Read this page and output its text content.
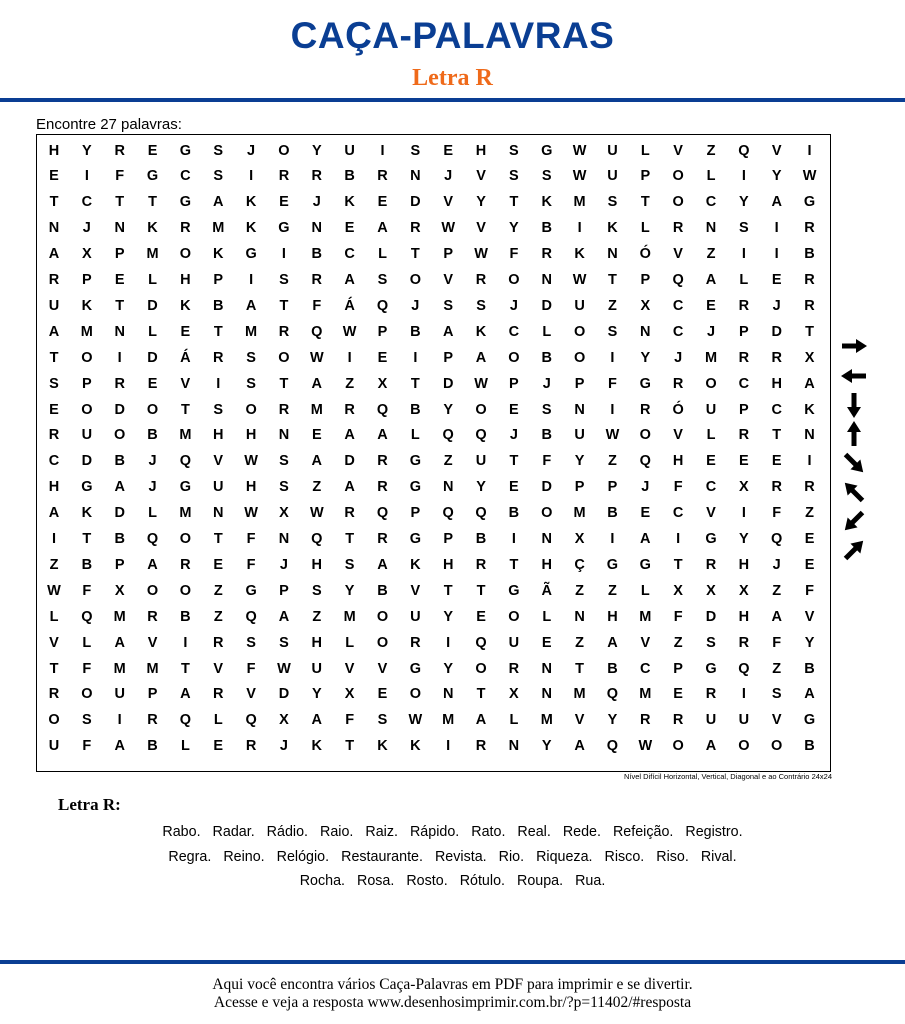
CAÇA-PALAVRAS
Letra R
Encontre 27 palavras:
H	Y	R	E	G	S	J	O	Y	U	I	S	E	H	S	G	W	U	L	V	Z	Q	V	I
E	I	F	G	C	S	I	R	R	B	R	N	J	V	S	S	W	U	P	O	L	I	Y	W
T	C	T	T	G	A	K	E	J	K	E	D	V	Y	T	K	M	S	T	O	C	Y	A	G
N	J	N	K	R	M	K	G	N	E	A	R	W	V	Y	B	I	K	L	R	N	S	I	R
A	X	P	M	O	K	G	I	B	C	L	T	P	W	F	R	K	N	Ó	V	Z	I	I	B
R	P	E	L	H	P	I	S	R	A	S	O	V	R	O	N	W	T	P	Q	A	L	E	R
U	K	T	D	K	B	A	T	F	Á	Q	J	S	S	J	D	U	Z	X	C	E	R	J	R
A	M	N	L	E	T	M	R	Q	W	P	B	A	K	C	L	O	S	N	C	J	P	D	T
T	O	I	D	Á	R	S	O	W	I	E	I	P	A	O	B	O	I	Y	J	M	R	R	X
S	P	R	E	V	I	S	T	A	Z	X	T	D	W	P	J	P	F	G	R	O	C	H	A
E	O	D	O	T	S	O	R	M	R	Q	B	Y	O	E	S	N	I	R	Ó	U	P	C	K
R	U	O	B	M	H	H	N	E	A	A	L	Q	Q	J	B	U	W	O	V	L	R	T	N
C	D	B	J	Q	V	W	S	A	D	R	G	Z	U	T	F	Y	Z	Q	H	E	E	E	I
H	G	A	J	G	U	H	S	Z	A	R	G	N	Y	E	D	P	P	J	F	C	X	R	R
A	K	D	L	M	N	W	X	W	R	Q	P	Q	Q	B	O	M	B	E	C	V	I	F	Z
I	T	B	Q	O	T	F	N	Q	T	R	G	P	B	I	N	X	I	A	I	G	Y	Q	E
Z	B	P	A	R	E	F	J	H	S	A	K	H	R	T	H	Ç	G	G	T	R	H	J	E
W	F	X	O	O	Z	G	P	S	Y	B	V	T	T	G	Ã	Z	Z	L	X	X	X	Z	F
L	Q	M	R	B	Z	Q	A	Z	M	O	U	Y	E	O	L	N	H	M	F	D	H	A	V
V	L	A	V	I	R	S	S	H	L	O	R	I	Q	U	E	Z	A	V	Z	S	R	F	Y
T	F	M	M	T	V	F	W	U	V	V	G	Y	O	R	N	T	B	C	P	G	Q	Z	B
R	O	U	P	A	R	V	D	Y	X	E	O	N	T	X	N	M	Q	M	E	R	I	S	A
O	S	I	R	Q	L	Q	X	A	F	S	W	M	A	L	M	V	Y	R	R	U	U	V	G
U	F	A	B	L	E	R	J	K	T	K	K	I	R	N	Y	A	Q	W	O	A	O	O	B
Nível Difícil Horizontal, Vertical, Diagonal e ao Contrário 24x24
Letra R:
Rabo. Radar. Rádio. Raio. Raiz. Rápido. Rato. Real. Rede. Refeição. Registro.
Regra. Reino. Relógio. Restaurante. Revista. Rio. Riqueza. Risco. Riso. Rival.
Rocha. Rosa. Rosto. Rótulo. Roupa. Rua.
Aqui você encontra vários Caça-Palavras em PDF para imprimir e se divertir.
Acesse e veja a resposta www.desenhosimprimir.com.br/?p=11402/#resposta
